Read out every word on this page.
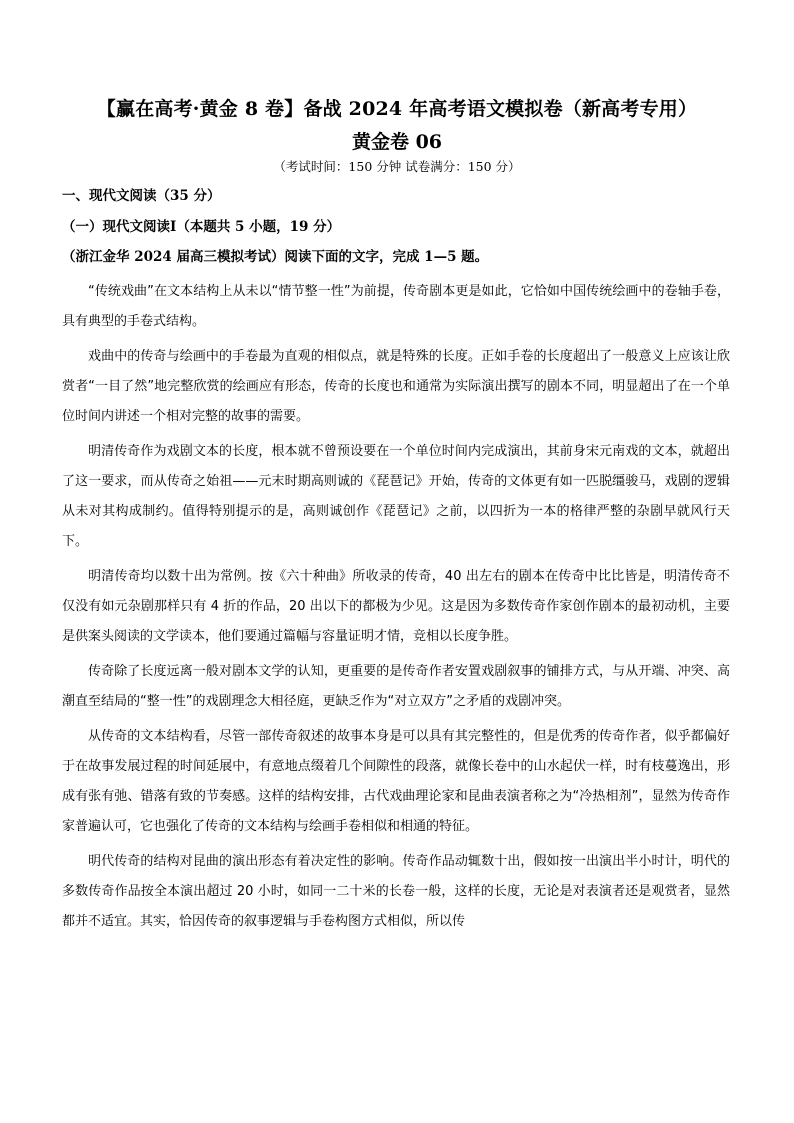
【赢在高考·黄金 8 卷】备战 2024 年高考语文模拟卷（新高考专用）
黄金卷 06
（考试时间：150 分钟 试卷满分：150 分）
一、现代文阅读（35 分）
（一）现代文阅读Ⅰ（本题共 5 小题，19 分）
（浙江金华 2024 届高三模拟考试）阅读下面的文字，完成 1—5 题。

“传统戏曲”在文本结构上从未以“情节整一性”为前提，传奇剧本更是如此，它恰如中国传统绘画中的卷轴手卷，具有典型的手卷式结构。

戏曲中的传奇与绘画中的手卷最为直观的相似点，就是特殊的长度。正如手卷的长度超出了一般意义上应该让欣赏者“一目了然”地完整欣赏的绘画应有形态，传奇的长度也和通常为实际演出撰写的剧本不同，明显超出了在一个单位时间内讲述一个相对完整的故事的需要。

明清传奇作为戏剧文本的长度，根本就不曾预设要在一个单位时间内完成演出，其前身宋元南戏的文本，就超出了这一要求，而从传奇之始祖——元末时期高则诚的《琵琶记》开始，传奇的文体更有如一匹脱缰骏马，戏剧的逻辑从未对其构成制约。值得特别提示的是，高则诚创作《琵琶记》之前，以四折为一本的格律严整的杂剧早就风行天下。

明清传奇均以数十出为常例。按《六十种曲》所收录的传奇，40 出左右的剧本在传奇中比比皆是，明清传奇不仅没有如元杂剧那样只有 4 折的作品，20 出以下的都极为少见。这是因为多数传奇作家创作剧本的最初动机，主要是供案头阅读的文学读本，他们要通过篇幅与容量证明才情，竞相以长度争胜。

传奇除了长度远离一般对剧本文学的认知，更重要的是传奇作者安置戏剧叙事的铺排方式，与从开端、冲突、高潮直至结局的“整一性”的戏剧理念大相径庭，更缺乏作为“对立双方”之矛盾的戏剧冲突。

从传奇的文本结构看，尽管一部传奇叙述的故事本身是可以具有其完整性的，但是优秀的传奇作者，似乎都偏好于在故事发展过程的时间延展中，有意地点缀着几个间隙性的段落，就像长卷中的山水起伏一样，时有枝蔓逸出，形成有张有弛、错落有致的节奏感。这样的结构安排，古代戏曲理论家和昆曲表演者称之为“冷热相剂”，显然为传奇作家普遍认可，它也强化了传奇的文本结构与绘画手卷相似和相通的特征。

明代传奇的结构对昆曲的演出形态有着决定性的影响。传奇作品动辄数十出，假如按一出演出半小时计，明代的多数传奇作品按全本演出超过 20 小时，如同一二十米的长卷一般，这样的长度，无论是对表演者还是观赏者，显然都并不适宜。其实，恰因传奇的叙事逻辑与手卷构图方式相似，所以传
